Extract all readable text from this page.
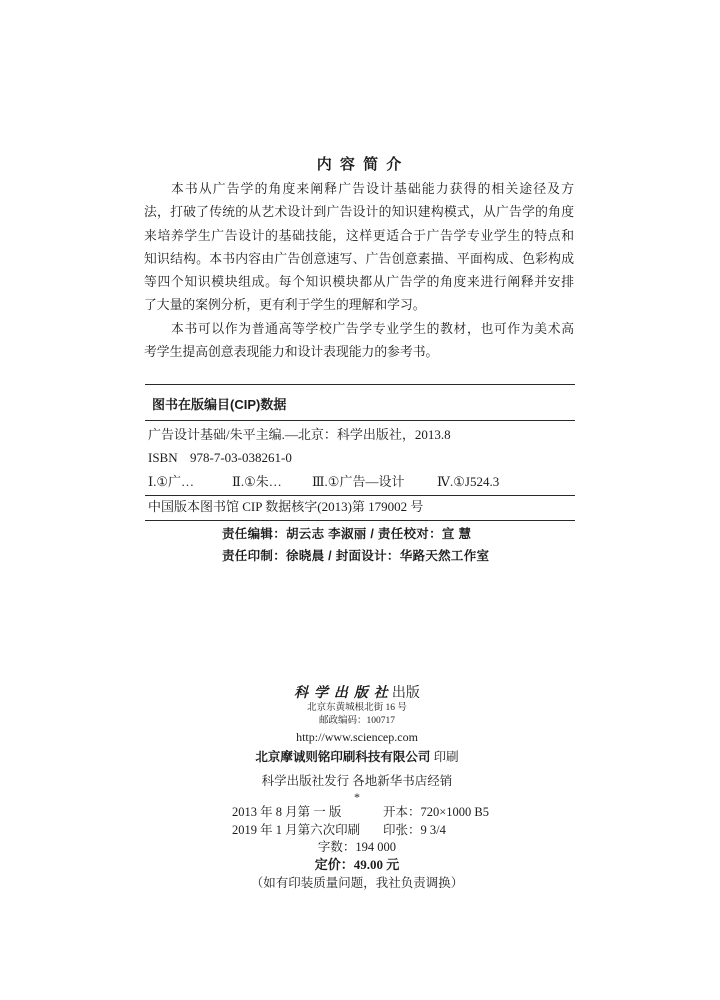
内 容 简 介
本书从广告学的角度来阐释广告设计基础能力获得的相关途径及方
法，打破了传统的从艺术设计到广告设计的知识建构模式，从广告学的角度
来培养学生广告设计的基础技能，这样更适合于广告学专业学生的特点和
知识结构。本书内容由广告创意速写、广告创意素描、平面构成、色彩构成
等四个知识模块组成。每个知识模块都从广告学的角度来进行阐释并安排
了大量的案例分析，更有利于学生的理解和学习。
本书可以作为普通高等学校广告学专业学生的教材，也可作为美术高
考学生提高创意表现能力和设计表现能力的参考书。
图书在版编目(CIP)数据
广告设计基础/朱平主编.—北京：科学出版社，2013.8
ISBN 978-7-03-038261-0
Ⅰ.①广…	Ⅱ.①朱… Ⅲ.①广告—设计	Ⅳ.①J524.3
中国版本图书馆 CIP 数据核字(2013)第 179002 号
责任编辑：胡云志 李淑丽 / 责任校对：宣 慧
责任印制：徐晓晨 / 封面设计：华路天然工作室
科 学 出 版 社 出版
北京东黄城根北街 16 号
邮政编码：100717
http://www.sciencep.com
北京摩诚则铭印刷科技有限公司 印刷
科学出版社发行 各地新华书店经销
*
2013 年 8 月第 一 版	开本：720×1000 B5
2019 年 1 月第六次印刷 印张：9 3/4
字数：194 000
定价：49.00 元
（如有印装质量问题，我社负责调换）
